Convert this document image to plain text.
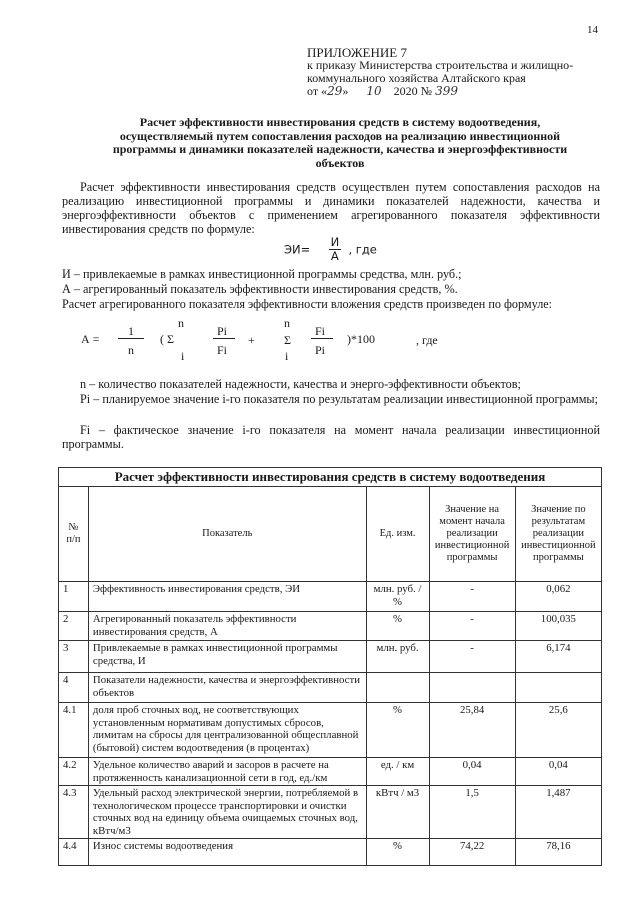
14
ПРИЛОЖЕНИЕ 7
к приказу Министерства строительства и жилищно-
коммунального хозяйства Алтайского края
от «29» 10 2020 № 399
Расчет эффективности инвестирования средств в систему водоотведения, осуществляемый путем сопоставления расходов на реализацию инвестиционной программы и динамики показателей надежности, качества и энергоэффективности объектов
Расчет эффективности инвестирования средств осуществлен путем сопоставления расходов на реализацию инвестиционной программы и динамики показателей надежности, качества и энергоэффективности объектов с применением агрегированного показателя эффективности инвестирования средств по формуле:
$ЭИ= \frac{И}{А}$ , где
И – привлекаемые в рамках инвестиционной программы средства, млн. руб.;
А – агрегированный показатель эффективности инвестирования средств, %.
Расчет агрегированного показателя эффективности вложения средств произведен по формуле:
А =
1
n
( Σ
n
i
Pi
Fi
+
n
Σ
i
Fi
Pi
)*100	, где
n – количество показателей надежности, качества и энерго-эффективности объектов;
Pi – планируемое значение i-го показателя по результатам реализации инвестиционной программы;
Fi – фактическое значение i-го показателя на момент начала реализации инвестиционной программы.
Расчет эффективности инвестирования средств в систему водоотведения				
№ п/п	Показатель	Ед. изм.	Значение на момент начала реализации инвестиционной программы	Значение по результатам реализации инвестиционной программы
1	Эффективность инвестирования средств, ЭИ	млн. руб. / %	-	0,062
2	Агрегированный показатель эффективности инвестирования средств, А	%	-	100,035
3	Привлекаемые в рамках инвестиционной программы средства, И	млн. руб.	-	6,174
4	Показатели надежности, качества и энергоэффективности объектов			
4.1	доля проб сточных вод, не соответствующих установленным нормативам допустимых сбросов, лимитам на сбросы для централизованной общесплавной (бытовой) систем водоотведения (в процентах)	%	25,84	25,6
4.2	Удельное количество аварий и засоров в расчете на протяженность канализационной сети в год, ед./км	ед. / км	0,04	0,04
4.3	Удельный расход электрической энергии, потребляемой в технологическом процессе транспортировки и очистки сточных вод на единицу объема очищаемых сточных вод, кВтч/м3	кВтч / м3	1,5	1,487
4.4	Износ системы водоотведения	%	74,22	78,16
